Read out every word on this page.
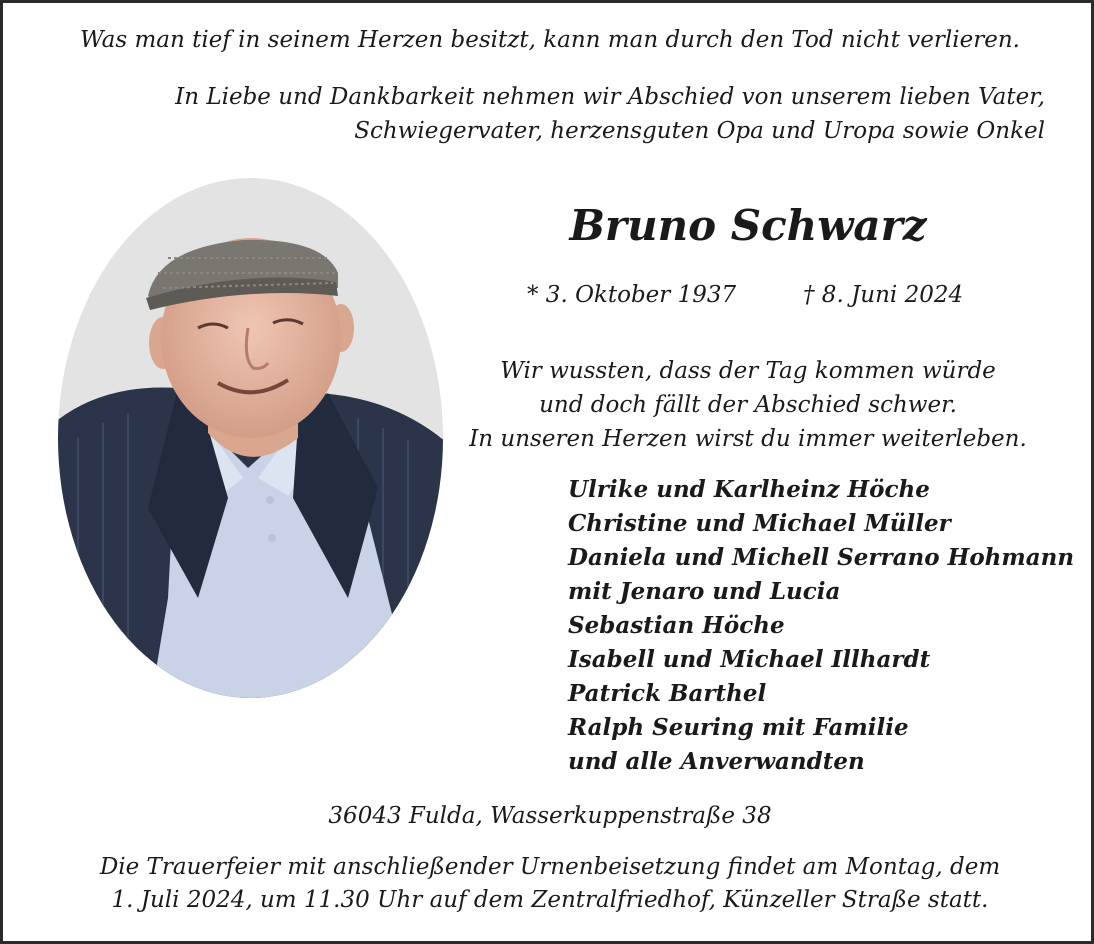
Was man tief in seinem Herzen besitzt, kann man durch den Tod nicht verlieren.
In Liebe und Dankbarkeit nehmen wir Abschied von unserem lieben Vater,
Schwiegervater, herzensguten Opa und Uropa sowie Onkel
Bruno Schwarz
* 3. Oktober 1937	† 8. Juni 2024
Wir wussten, dass der Tag kommen würde
und doch fällt der Abschied schwer.
In unseren Herzen wirst du immer weiterleben.
Ulrike und Karlheinz Höche
Christine und Michael Müller
Daniela und Michell Serrano Hohmann
mit Jenaro und Lucia
Sebastian Höche
Isabell und Michael Illhardt
Patrick Barthel
Ralph Seuring mit Familie
und alle Anverwandten
36043 Fulda, Wasserkuppenstraße 38
Die Trauerfeier mit anschließender Urnenbeisetzung findet am Montag, dem
1. Juli 2024, um 11.30 Uhr auf dem Zentralfriedhof, Künzeller Straße statt.
